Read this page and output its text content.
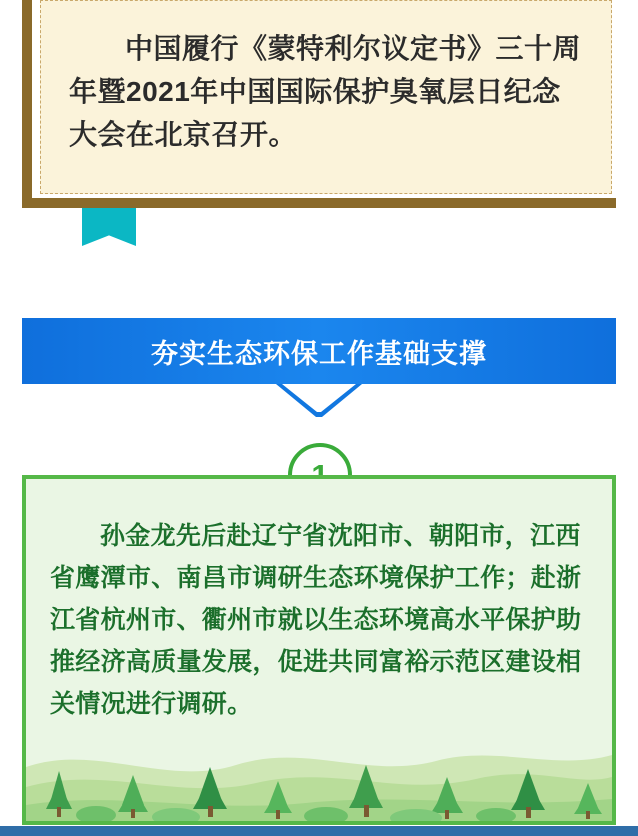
中国履行《蒙特利尔议定书》三十周年暨2021年中国国际保护臭氧层日纪念大会在北京召开。
夯实生态环保工作基础支撑
孙金龙先后赴辽宁省沈阳市、朝阳市，江西省鹰潭市、南昌市调研生态环境保护工作；赴浙江省杭州市、衢州市就以生态环境高水平保护助推经济高质量发展，促进共同富裕示范区建设相关情况进行调研。
